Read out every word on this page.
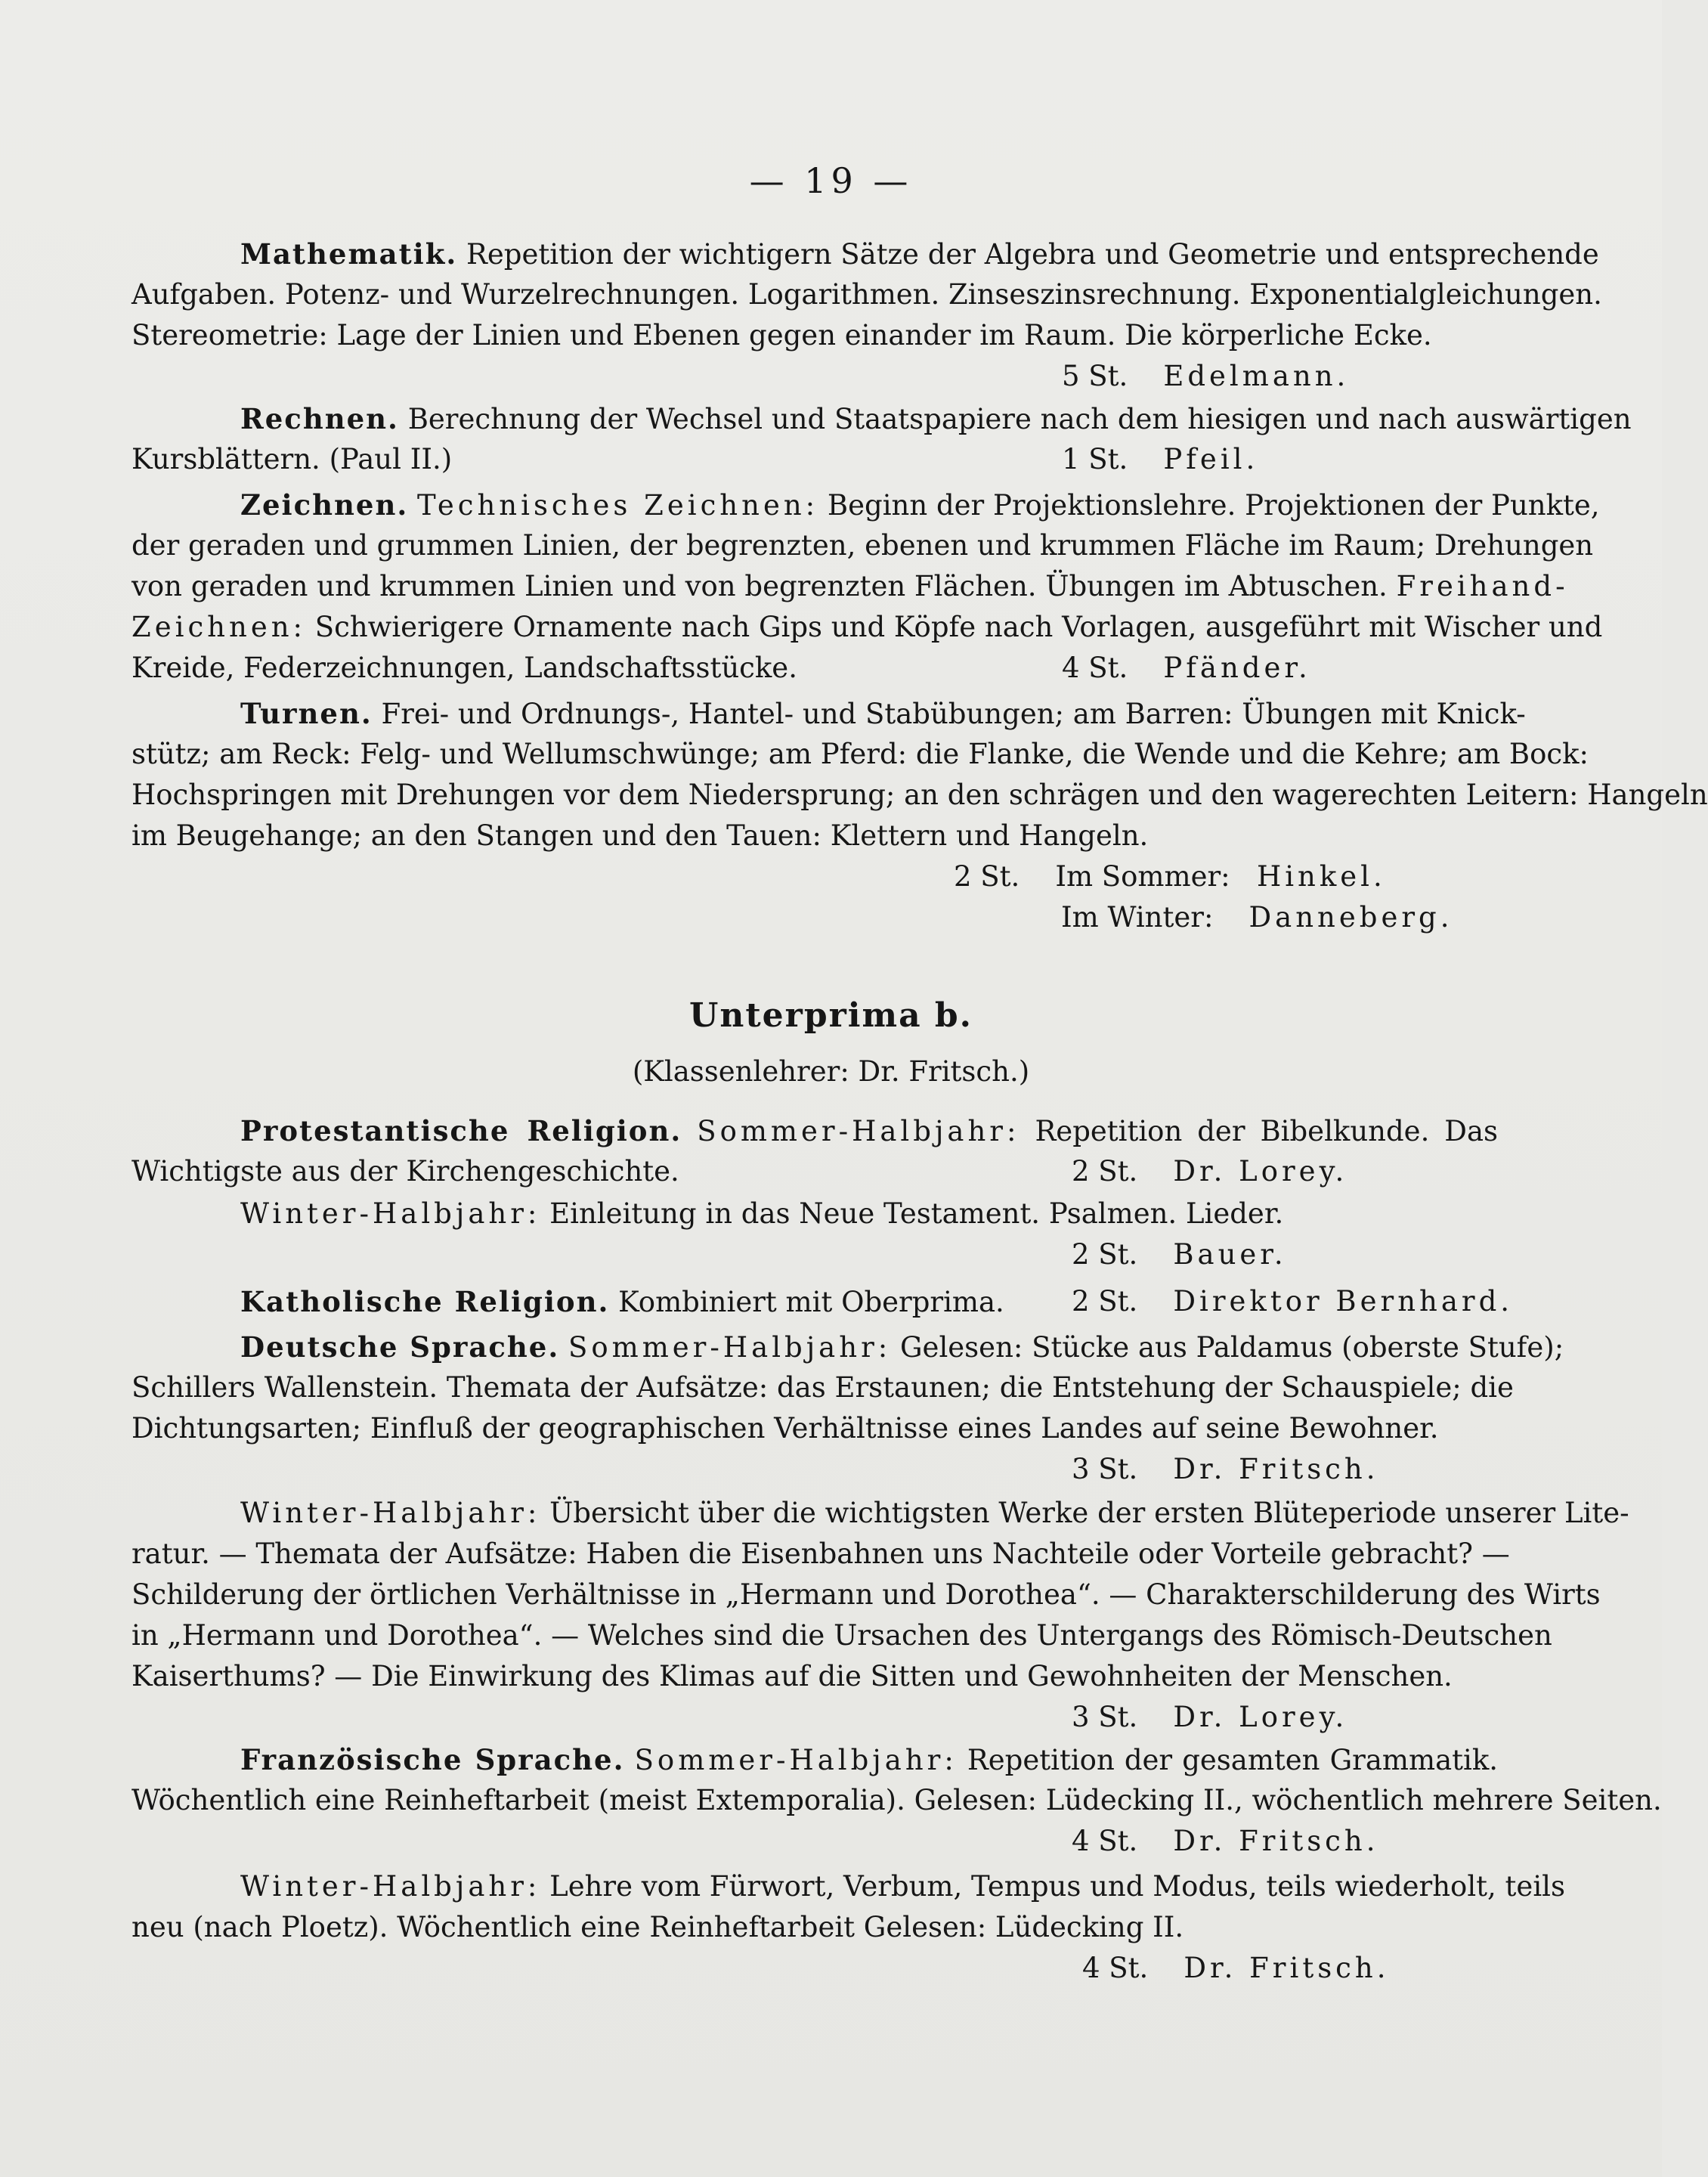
— 19 —
Mathematik. Repetition der wichtigern Sätze der Algebra und Geometrie und entsprechende
Aufgaben. Potenz- und Wurzelrechnungen. Logarithmen. Zinseszinsrechnung. Exponentialgleichungen.
Stereometrie: Lage der Linien und Ebenen gegen einander im Raum. Die körperliche Ecke.
5 St. Edelmann.
Rechnen. Berechnung der Wechsel und Staatspapiere nach dem hiesigen und nach auswärtigen
Kursblättern. (Paul II.)	1 St. Pfeil.
Zeichnen. Technisches Zeichnen: Beginn der Projektionslehre. Projektionen der Punkte,
der geraden und grummen Linien, der begrenzten, ebenen und krummen Fläche im Raum; Drehungen
von geraden und krummen Linien und von begrenzten Flächen. Übungen im Abtuschen. Freihand-
Zeichnen: Schwierigere Ornamente nach Gips und Köpfe nach Vorlagen, ausgeführt mit Wischer und
Kreide, Federzeichnungen, Landschaftsstücke.	4 St. Pfänder.
Turnen. Frei- und Ordnungs-, Hantel- und Stabübungen; am Barren: Übungen mit Knick-
stütz; am Reck: Felg- und Wellumschwünge; am Pferd: die Flanke, die Wende und die Kehre; am Bock:
Hochspringen mit Drehungen vor dem Niedersprung; an den schrägen und den wagerechten Leitern: Hangeln
im Beugehange; an den Stangen und den Tauen: Klettern und Hangeln.
2 St. Im Sommer: Hinkel.
Im Winter: Danneberg.
Unterprima b.
(Klassenlehrer: Dr. Fritsch.)
Protestantische Religion. Sommer-Halbjahr: Repetition der Bibelkunde. Das
Wichtigste aus der Kirchengeschichte.	2 St. Dr. Lorey.
Winter-Halbjahr: Einleitung in das Neue Testament. Psalmen. Lieder.
2 St. Bauer.
Katholische Religion. Kombiniert mit Oberprima. 2 St. Direktor Bernhard.
Deutsche Sprache. Sommer-Halbjahr: Gelesen: Stücke aus Paldamus (oberste Stufe);
Schillers Wallenstein. Themata der Aufsätze: das Erstaunen; die Entstehung der Schauspiele; die
Dichtungsarten; Einfluß der geographischen Verhältnisse eines Landes auf seine Bewohner.
3 St. Dr. Fritsch.
Winter-Halbjahr: Übersicht über die wichtigsten Werke der ersten Blüteperiode unserer Lite-
ratur. — Themata der Aufsätze: Haben die Eisenbahnen uns Nachteile oder Vorteile gebracht? —
Schilderung der örtlichen Verhältnisse in „Hermann und Dorothea“. — Charakterschilderung des Wirts
in „Hermann und Dorothea“. — Welches sind die Ursachen des Untergangs des Römisch-Deutschen
Kaiserthums? — Die Einwirkung des Klimas auf die Sitten und Gewohnheiten der Menschen.
3 St. Dr. Lorey.
Französische Sprache. Sommer-Halbjahr: Repetition der gesamten Grammatik.
Wöchentlich eine Reinheftarbeit (meist Extemporalia). Gelesen: Lüdecking II., wöchentlich mehrere Seiten.
4 St. Dr. Fritsch.
Winter-Halbjahr: Lehre vom Fürwort, Verbum, Tempus und Modus, teils wiederholt, teils
neu (nach Ploetz). Wöchentlich eine Reinheftarbeit Gelesen: Lüdecking II.
4 St. Dr. Fritsch.
